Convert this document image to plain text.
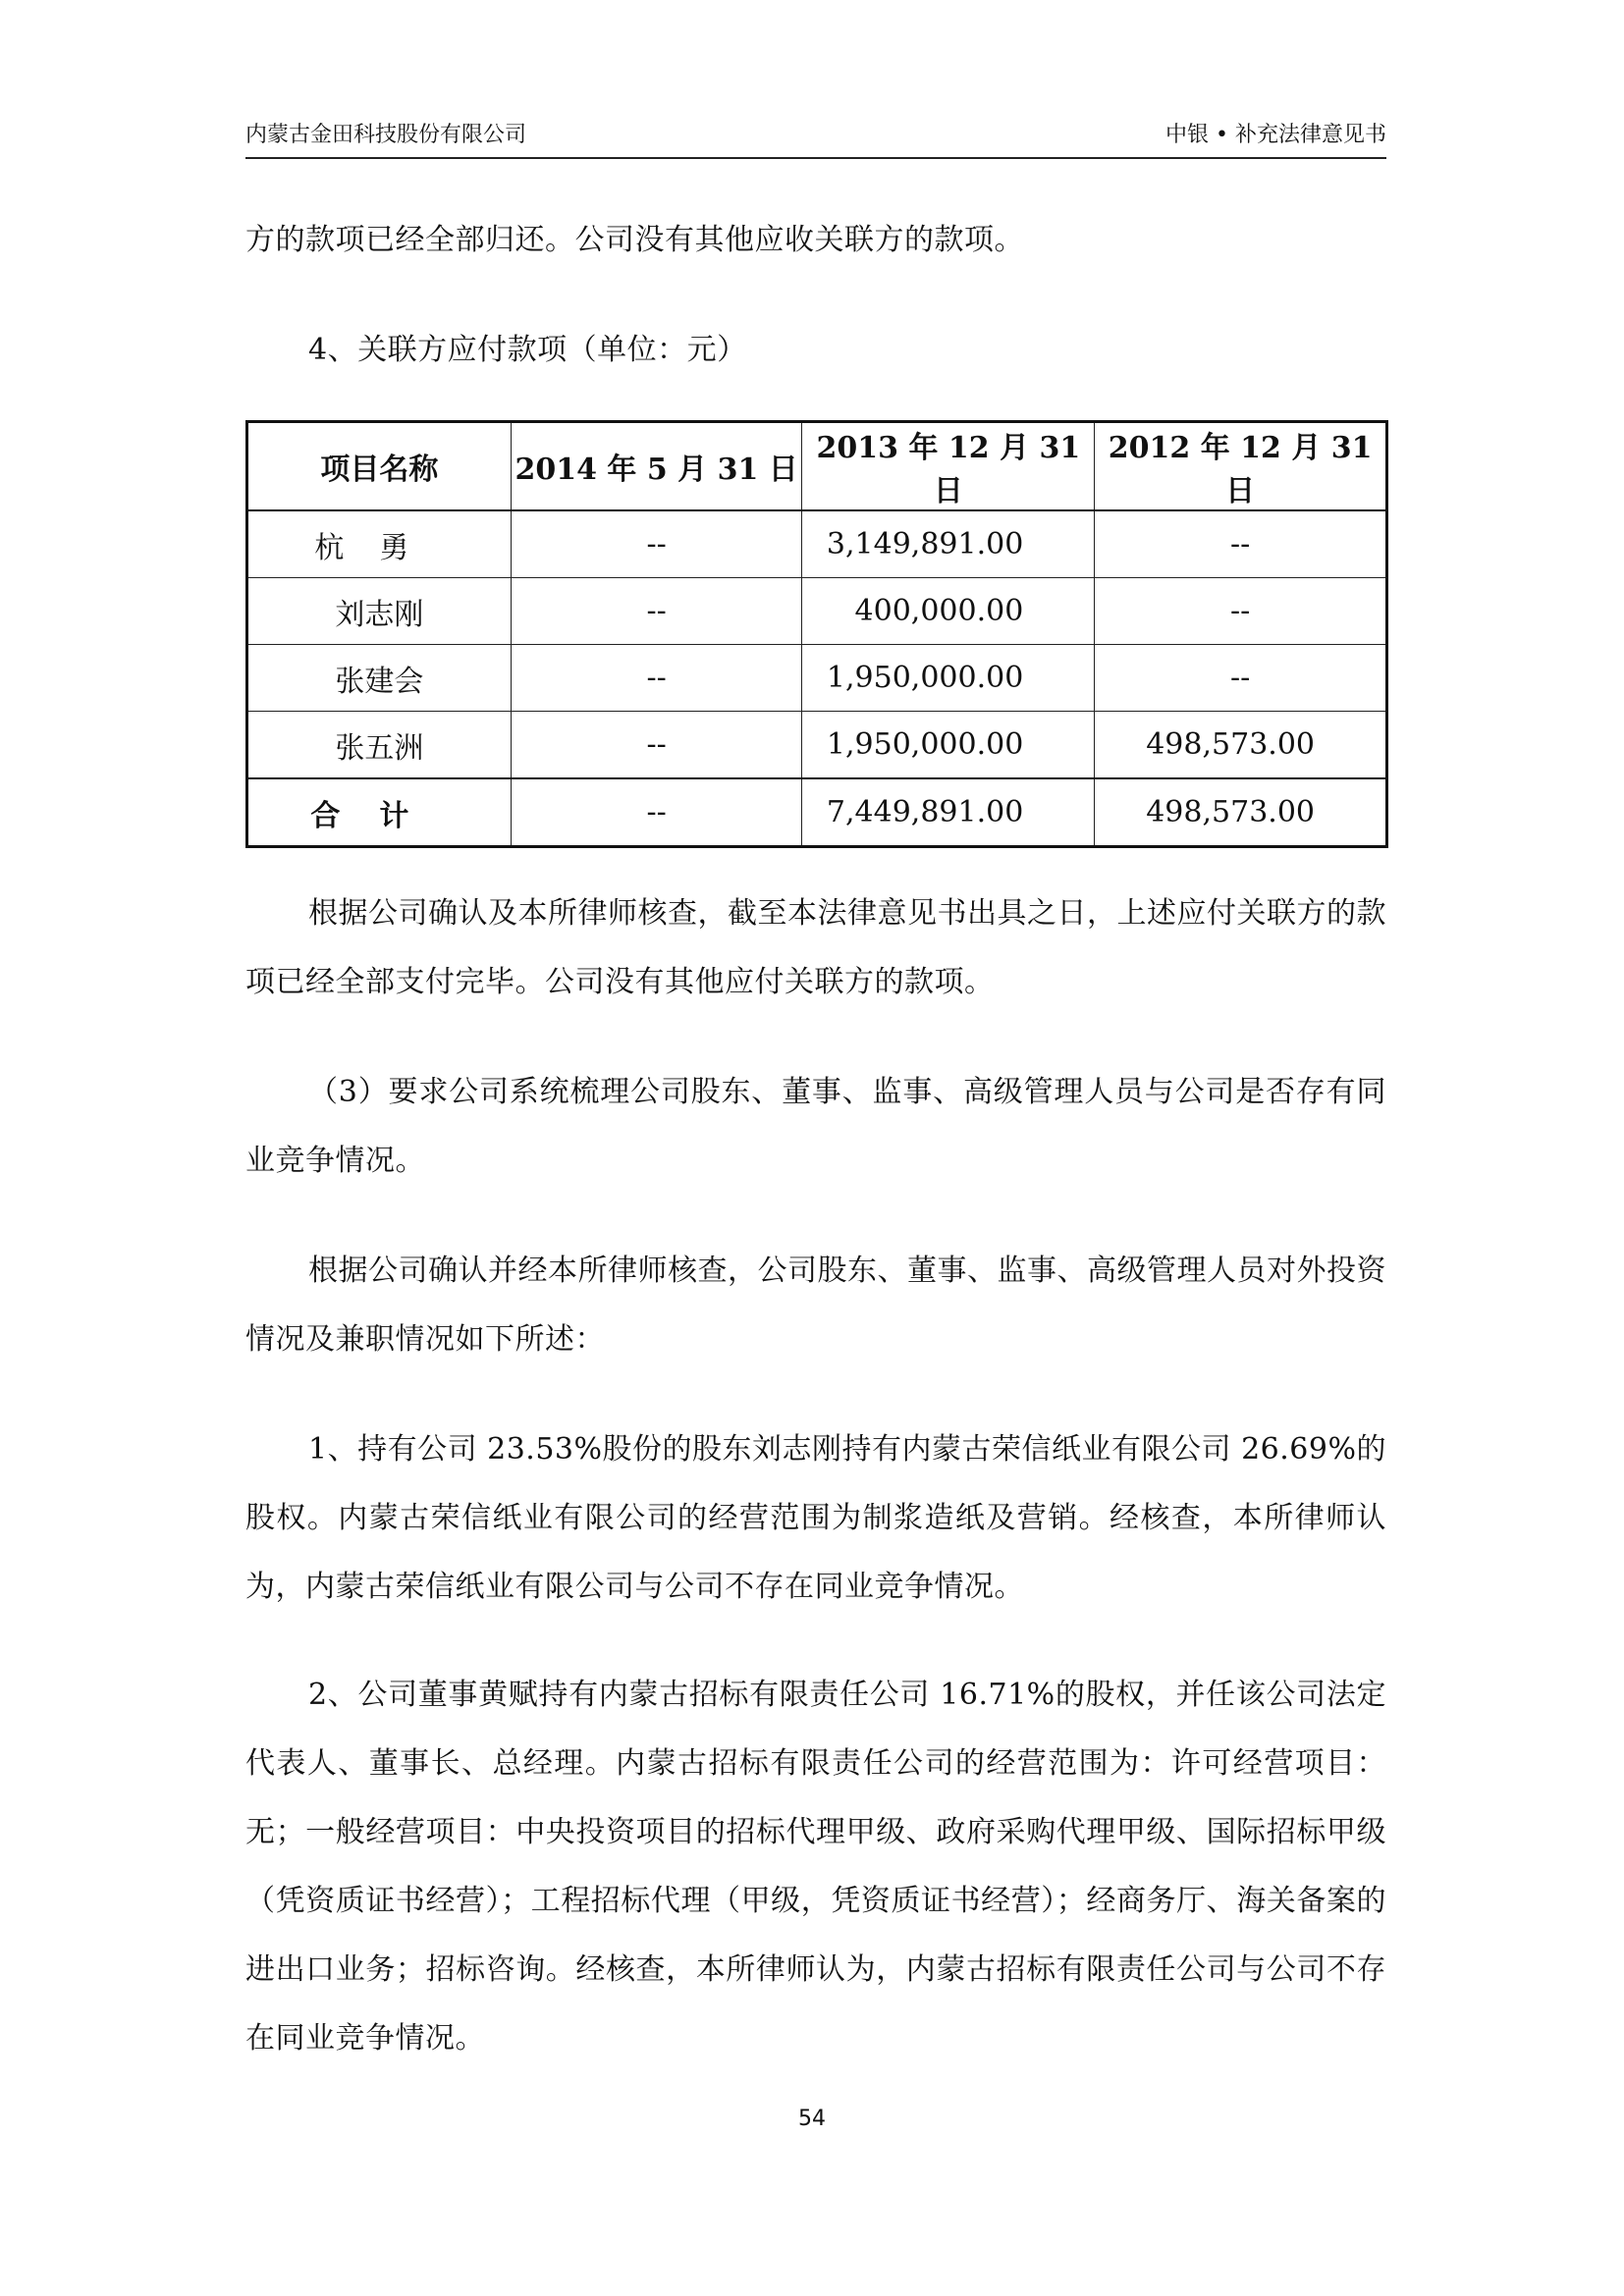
内蒙古金田科技股份有限公司	中银 • 补充法律意见书

方的款项已经全部归还。公司没有其他应收关联方的款项。

4、关联方应付款项（单位：元）

项目名称	2014 年 5 月 31 日	2013 年 12 月 31 日	2012 年 12 月 31 日
杭勇	--	3,149,891.00	--
刘志刚	--	400,000.00	--
张建会	--	1,950,000.00	--
张五洲	--	1,950,000.00	498,573.00
合计	--	7,449,891.00	498,573.00

根据公司确认及本所律师核查，截至本法律意见书出具之日，上述应付关联方的款项已经全部支付完毕。公司没有其他应付关联方的款项。

（3）要求公司系统梳理公司股东、董事、监事、高级管理人员与公司是否存有同业竞争情况。

根据公司确认并经本所律师核查，公司股东、董事、监事、高级管理人员对外投资情况及兼职情况如下所述：

1、持有公司 23.53%股份的股东刘志刚持有内蒙古荣信纸业有限公司 26.69%的股权。内蒙古荣信纸业有限公司的经营范围为制浆造纸及营销。经核查，本所律师认为，内蒙古荣信纸业有限公司与公司不存在同业竞争情况。

2、公司董事黄赋持有内蒙古招标有限责任公司 16.71%的股权，并任该公司法定代表人、董事长、总经理。内蒙古招标有限责任公司的经营范围为：许可经营项目：无；一般经营项目：中央投资项目的招标代理甲级、政府采购代理甲级、国际招标甲级（凭资质证书经营）；工程招标代理（甲级，凭资质证书经营）；经商务厅、海关备案的进出口业务；招标咨询。经核查，本所律师认为，内蒙古招标有限责任公司与公司不存在同业竞争情况。

54
